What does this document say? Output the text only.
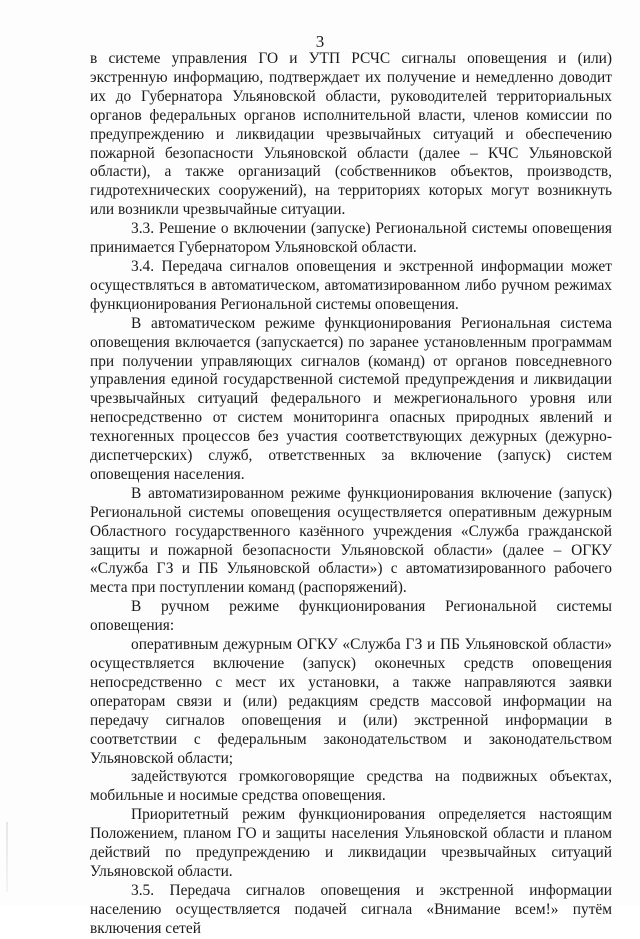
3

в системе управления ГО и УТП РСЧС сигналы оповещения и (или) экстренную информацию, подтверждает их получение и немедленно доводит их до Губернатора Ульяновской области, руководителей территориальных органов федеральных органов исполнительной власти, членов комиссии по предупреждению и ликвидации чрезвычайных ситуаций и обеспечению пожарной безопасности Ульяновской области (далее – КЧС Ульяновской области), а также организаций (собственников объектов, производств, гидротехнических сооружений), на территориях которых могут возникнуть или возникли чрезвычайные ситуации.

3.3. Решение о включении (запуске) Региональной системы оповещения принимается Губернатором Ульяновской области.

3.4. Передача сигналов оповещения и экстренной информации может осуществляться в автоматическом, автоматизированном либо ручном режимах функционирования Региональной системы оповещения.

В автоматическом режиме функционирования Региональная система оповещения включается (запускается) по заранее установленным программам при получении управляющих сигналов (команд) от органов повседневного управления единой государственной системой предупреждения и ликвидации чрезвычайных ситуаций федерального и межрегионального уровня или непосредственно от систем мониторинга опасных природных явлений и техногенных процессов без участия соответствующих дежурных (дежурно-диспетчерских) служб, ответственных за включение (запуск) систем оповещения населения.

В автоматизированном режиме функционирования включение (запуск) Региональной системы оповещения осуществляется оперативным дежурным Областного государственного казённого учреждения «Служба гражданской защиты и пожарной безопасности Ульяновской области» (далее – ОГКУ «Служба ГЗ и ПБ Ульяновской области») с автоматизированного рабочего места при поступлении команд (распоряжений).

В ручном режиме функционирования Региональной системы оповещения:

оперативным дежурным ОГКУ «Служба ГЗ и ПБ Ульяновской области» осуществляется включение (запуск) оконечных средств оповещения непосредственно с мест их установки, а также направляются заявки операторам связи и (или) редакциям средств массовой информации на передачу сигналов оповещения и (или) экстренной информации в соответствии с федеральным законодательством и законодательством Ульяновской области;

задействуются громкоговорящие средства на подвижных объектах, мобильные и носимые средства оповещения.

Приоритетный режим функционирования определяется настоящим Положением, планом ГО и защиты населения Ульяновской области и планом действий по предупреждению и ликвидации чрезвычайных ситуаций Ульяновской области.

3.5. Передача сигналов оповещения и экстренной информации населению осуществляется подачей сигнала «Внимание всем!» путём включения сетей
